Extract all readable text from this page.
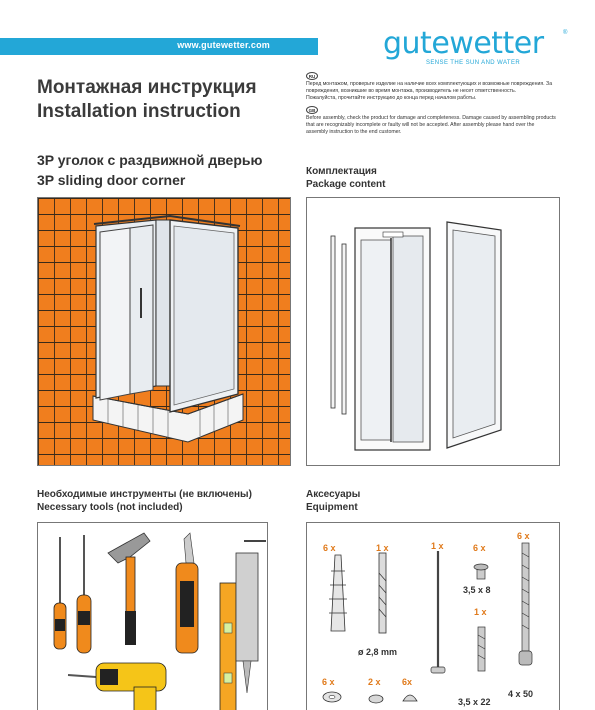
www.gutewetter.com	gutewetter	®
SENSE THE SUN AND WATER
Монтажная инструкция
Installation instruction
3P уголок с раздвижной дверью
3P sliding door corner
RU
Перед монтажом, проверьте изделие на наличие всех комплектующих и возможные повреждения. За повреждения, возникшие во время монтажа, производитель не несет ответственность.
Пожалуйста, прочитайте инструкцию до конца перед началом работы.
GB
Before assembly, check the product for damage and completeness. Damage caused by assembling products that are recognizably incomplete or faulty will not be accepted. After assembly please hand over the assembly instruction to the end customer.
Комплектация
Package content
Необходимые инструменты (не включены)
Necessary tools (not included)
Аксесуары
Equipment
6 x	1 x
ø 2,8 mm
1 x	6 x
3,5 x 8
1 x
3,5 x 22
6 x
4 x 50
6 x	2 x 6x
